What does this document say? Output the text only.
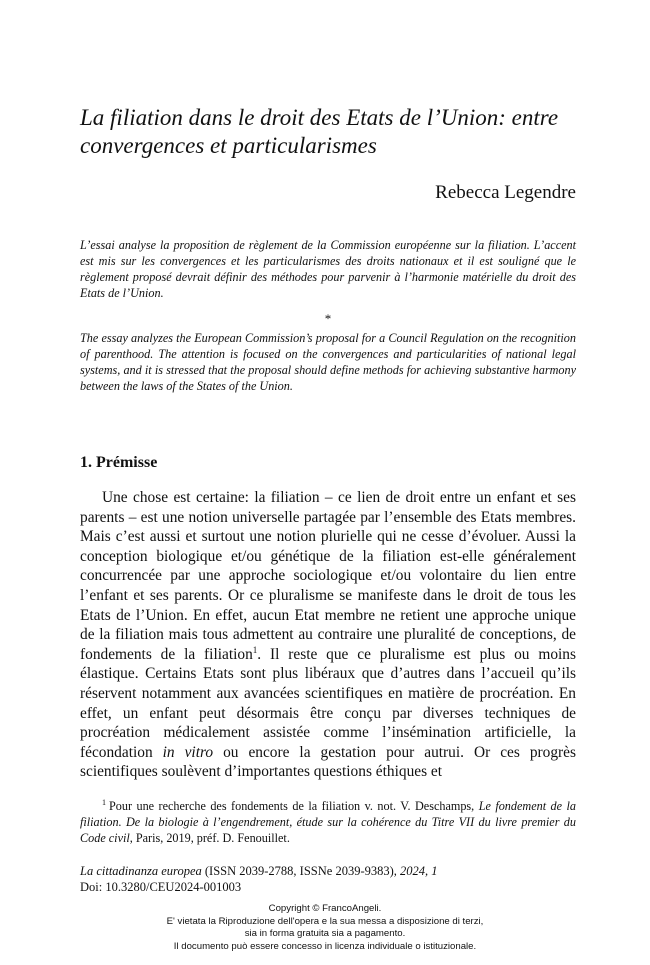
La filiation dans le droit des Etats de l’Union: entre convergences et particularismes
Rebecca Legendre
L’essai analyse la proposition de règlement de la Commission européenne sur la filiation. L’accent est mis sur les convergences et les particularismes des droits nationaux et il est souligné que le règlement proposé devrait définir des méthodes pour parvenir à l’harmonie matérielle du droit des Etats de l’Union.
*
The essay analyzes the European Commission’s proposal for a Council Regulation on the recognition of parenthood. The attention is focused on the convergences and particularities of national legal systems, and it is stressed that the proposal should define methods for achieving substantive harmony between the laws of the States of the Union.
1. Prémisse

Une chose est certaine: la filiation – ce lien de droit entre un enfant et ses parents – est une notion universelle partagée par l’ensemble des Etats membres. Mais c’est aussi et surtout une notion plurielle qui ne cesse d’évoluer. Aussi la conception biologique et/ou génétique de la filiation est-elle généralement concurrencée par une approche sociologique et/ou volontaire du lien entre l’enfant et ses parents. Or ce pluralisme se manifeste dans le droit de tous les Etats de l’Union. En effet, aucun Etat membre ne retient une approche unique de la filiation mais tous admettent au contraire une pluralité de conceptions, de fondements de la filiation$^1$. Il reste que ce pluralisme est plus ou moins élastique. Certains Etats sont plus libéraux que d’autres dans l’accueil qu’ils réservent notamment aux avancées scientifiques en matière de procréation. En effet, un enfant peut désormais être conçu par diverses techniques de procréation médicalement assistée comme l’insémination artificielle, la fécondation in vitro ou encore la gestation pour autrui. Or ces progrès scientifiques soulèvent d’importantes questions éthiques et

$^1$ Pour une recherche des fondements de la filiation v. not. V. Deschamps, Le fondement de la filiation. De la biologie à l’engendrement, étude sur la cohérence du Titre VII du livre premier du Code civil, Paris, 2019, préf. D. Fenouillet.

La cittadinanza europea (ISSN 2039-2788, ISSNe 2039-9383), 2024, 1
Doi: 10.3280/CEU2024-001003
Copyright © FrancoAngeli.
E' vietata la Riproduzione dell'opera e la sua messa a disposizione di terzi,
sia in forma gratuita sia a pagamento.
Il documento può essere concesso in licenza individuale o istituzionale.
